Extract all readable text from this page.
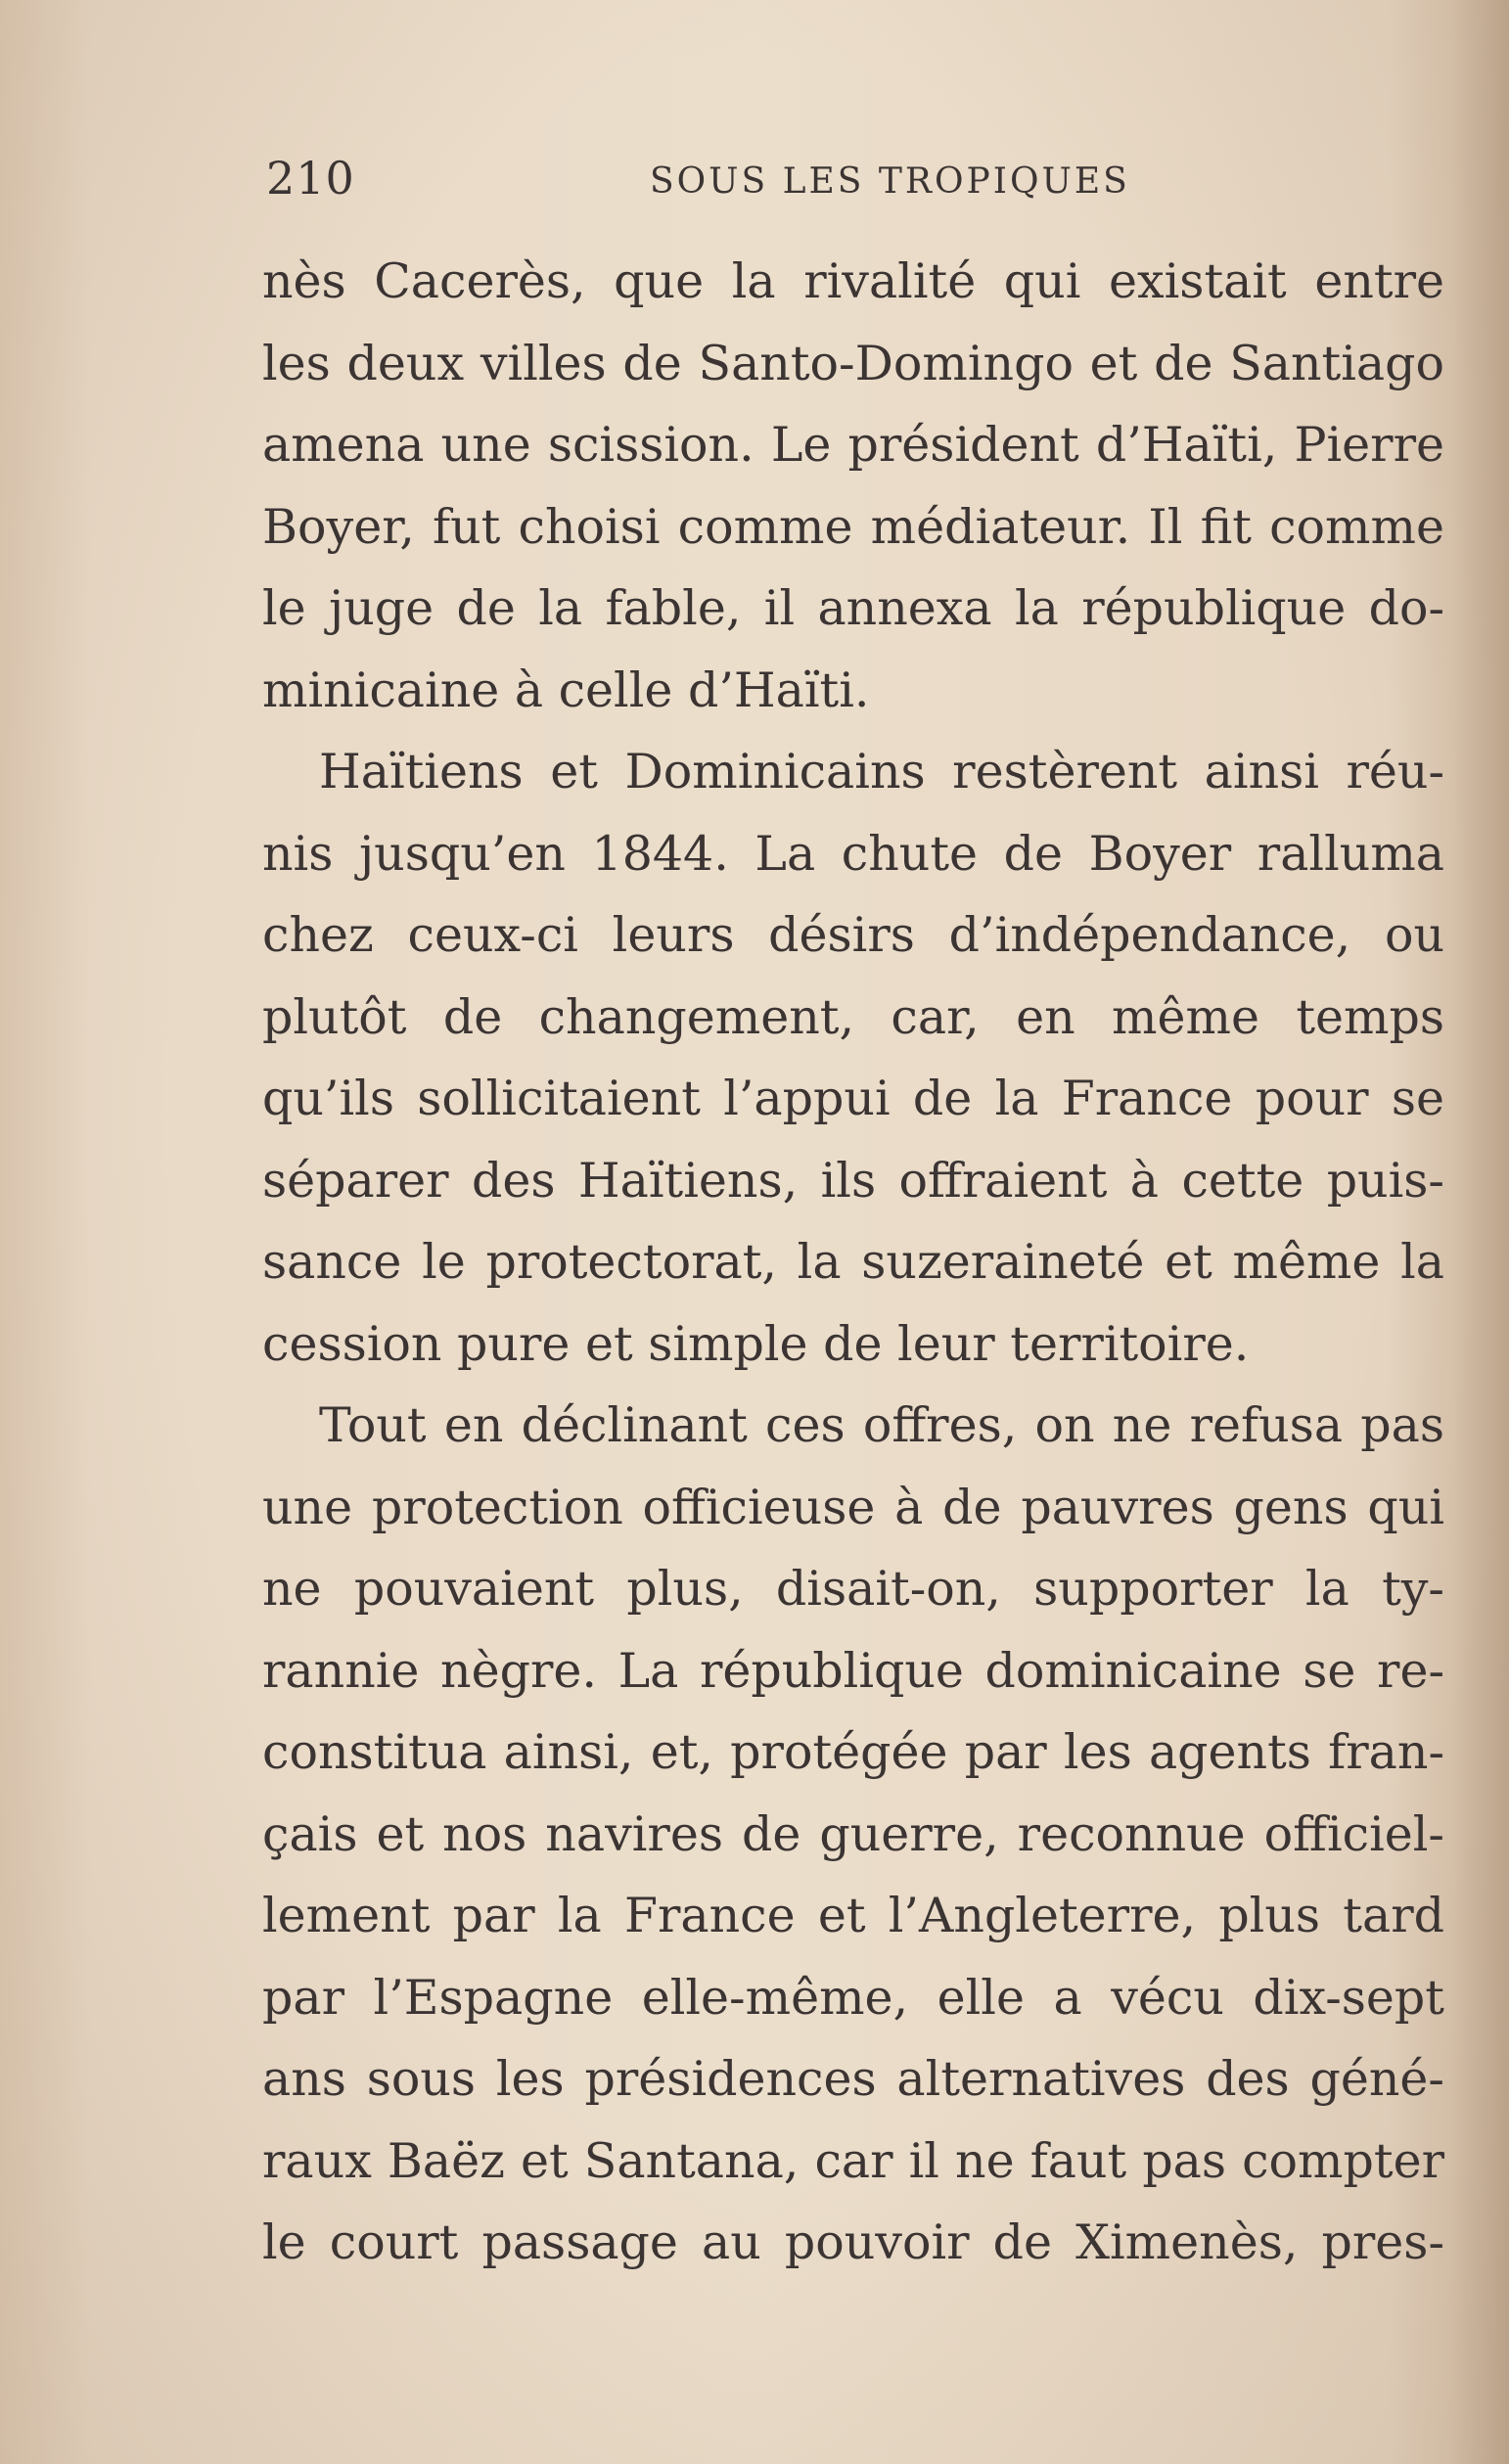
210	SOUS LES TROPIQUES
nès Cacerès, que la rivalité qui existait entre
les deux villes de Santo-Domingo et de Santiago
amena une scission. Le président d’Haïti, Pierre
Boyer, fut choisi comme médiateur. Il fit comme
le juge de la fable, il annexa la république do-
minicaine à celle d’Haïti.
Haïtiens et Dominicains restèrent ainsi réu-
nis jusqu’en 1844. La chute de Boyer ralluma
chez ceux-ci leurs désirs d’indépendance, ou
plutôt de changement, car, en même temps
qu’ils sollicitaient l’appui de la France pour se
séparer des Haïtiens, ils offraient à cette puis-
sance le protectorat, la suzeraineté et même la
cession pure et simple de leur territoire.
Tout en déclinant ces offres, on ne refusa pas
une protection officieuse à de pauvres gens qui
ne pouvaient plus, disait-on, supporter la ty-
rannie nègre. La république dominicaine se re-
constitua ainsi, et, protégée par les agents fran-
çais et nos navires de guerre, reconnue officiel-
lement par la France et l’Angleterre, plus tard
par l’Espagne elle-même, elle a vécu dix-sept
ans sous les présidences alternatives des géné-
raux Baëz et Santana, car il ne faut pas compter
le court passage au pouvoir de Ximenès, pres-
